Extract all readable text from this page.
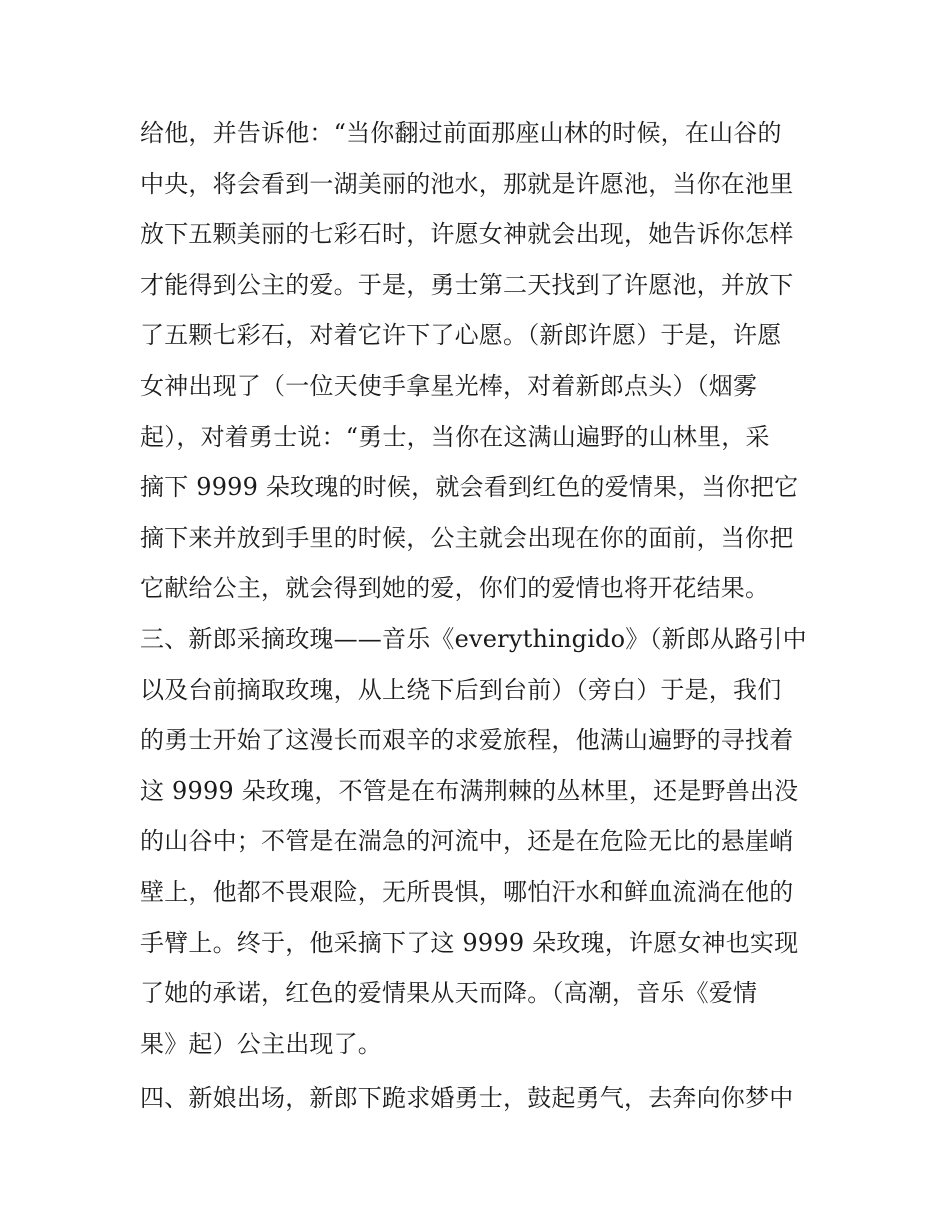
给他，并告诉他：“当你翻过前面那座山林的时候，在山谷的
中央，将会看到一湖美丽的池水，那就是许愿池，当你在池里
放下五颗美丽的七彩石时，许愿女神就会出现，她告诉你怎样
才能得到公主的爱。于是，勇士第二天找到了许愿池，并放下
了五颗七彩石，对着它许下了心愿。（新郎许愿）于是，许愿
女神出现了（一位天使手拿星光棒，对着新郎点头）（烟雾
起），对着勇士说：“勇士，当你在这满山遍野的山林里，采
摘下 9999 朵玫瑰的时候，就会看到红色的爱情果，当你把它
摘下来并放到手里的时候，公主就会出现在你的面前，当你把
它献给公主，就会得到她的爱，你们的爱情也将开花结果。
三、新郎采摘玫瑰——音乐《everythingido》（新郎从路引中
以及台前摘取玫瑰，从上绕下后到台前）（旁白）于是，我们
的勇士开始了这漫长而艰辛的求爱旅程，他满山遍野的寻找着
这 9999 朵玫瑰，不管是在布满荆棘的丛林里，还是野兽出没
的山谷中；不管是在湍急的河流中，还是在危险无比的悬崖峭
壁上，他都不畏艰险，无所畏惧，哪怕汗水和鲜血流淌在他的
手臂上。终于，他采摘下了这 9999 朵玫瑰，许愿女神也实现
了她的承诺，红色的爱情果从天而降。（高潮，音乐《爱情
果》起）公主出现了。
四、新娘出场，新郎下跪求婚勇士，鼓起勇气，去奔向你梦中
